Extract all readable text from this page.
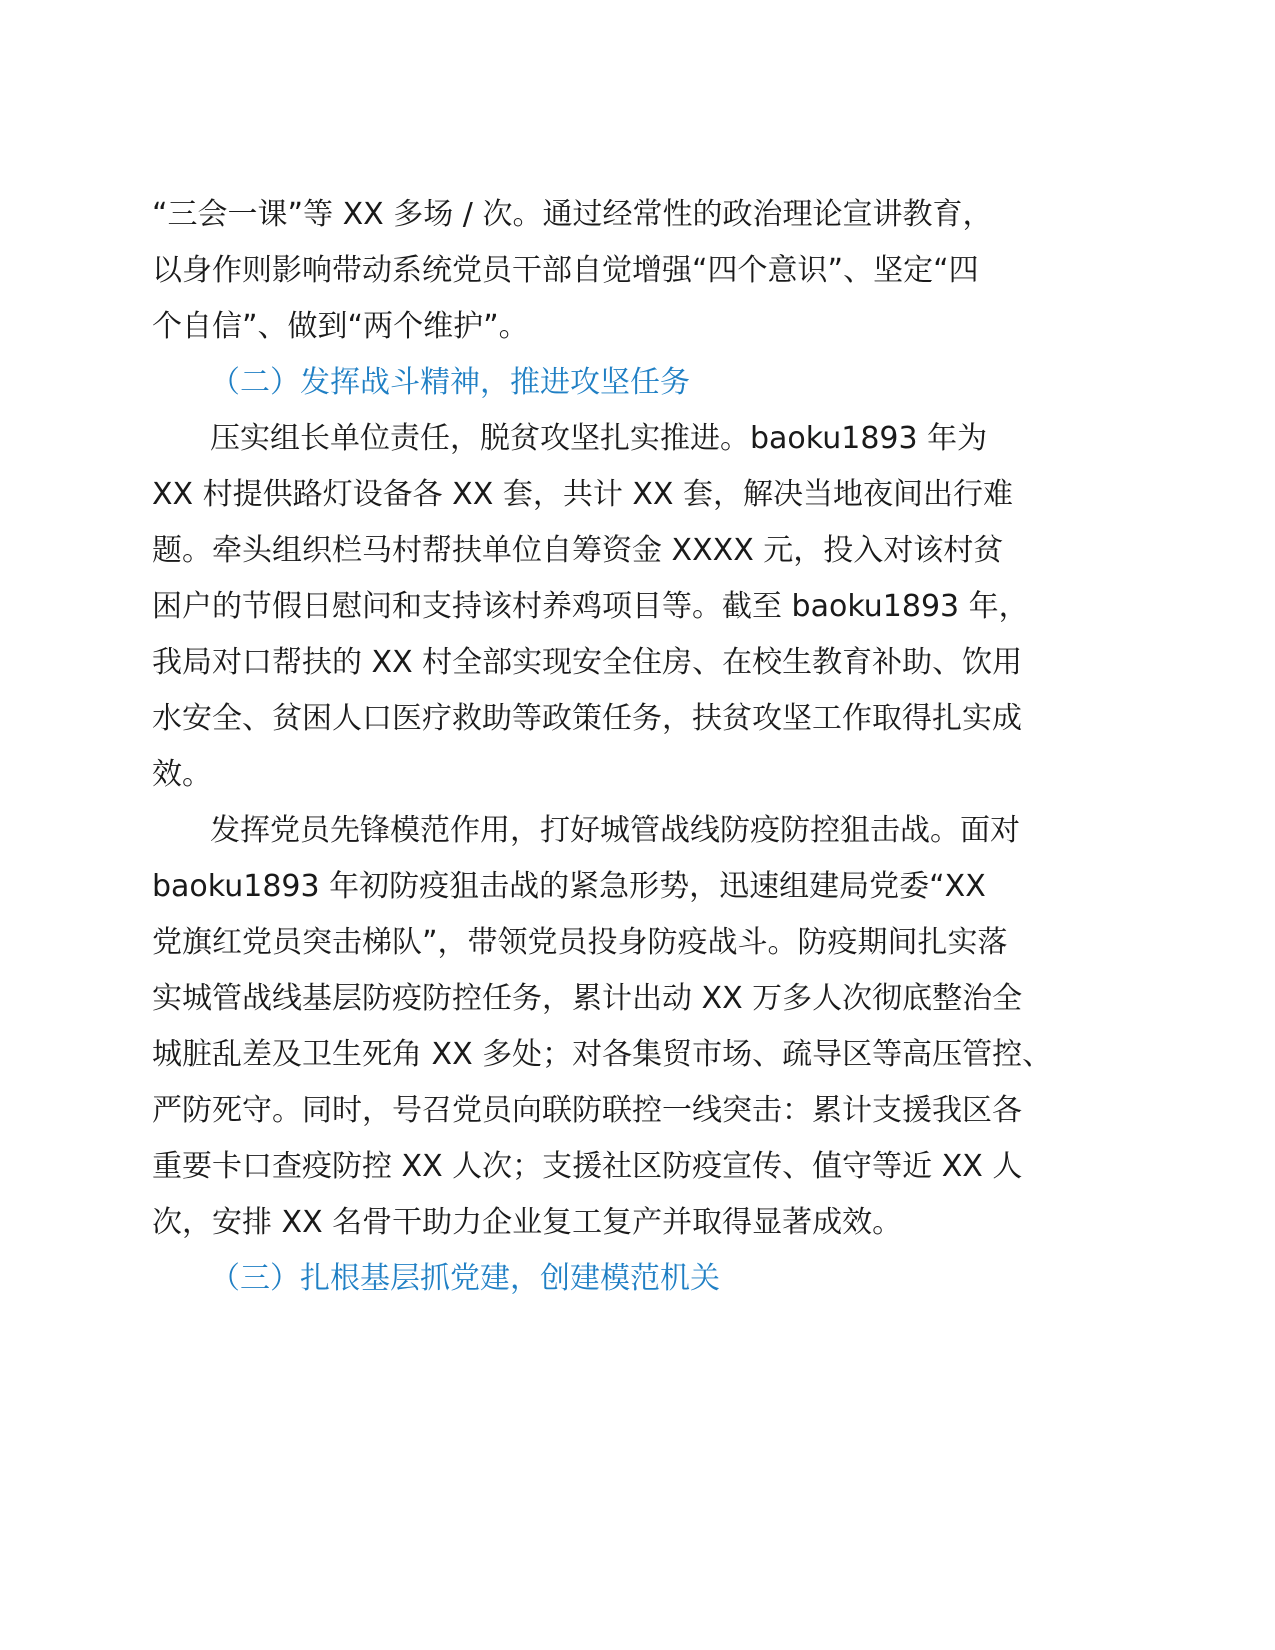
“三会一课”等 XX 多场 / 次。通过经常性的政治理论宣讲教育，
以身作则影响带动系统党员干部自觉增强“四个意识”、坚定“四
个自信”、做到“两个维护”。
（二）发挥战斗精神，推进攻坚任务
压实组长单位责任，脱贫攻坚扎实推进。baoku1893 年为
XX 村提供路灯设备各 XX 套，共计 XX 套，解决当地夜间出行难
题。牵头组织栏马村帮扶单位自筹资金 XXXX 元，投入对该村贫
困户的节假日慰问和支持该村养鸡项目等。截至 baoku1893 年，
我局对口帮扶的 XX 村全部实现安全住房、在校生教育补助、饮用
水安全、贫困人口医疗救助等政策任务，扶贫攻坚工作取得扎实成
效。
发挥党员先锋模范作用，打好城管战线防疫防控狙击战。面对
baoku1893 年初防疫狙击战的紧急形势，迅速组建局党委“XX
党旗红党员突击梯队”，带领党员投身防疫战斗。防疫期间扎实落
实城管战线基层防疫防控任务，累计出动 XX 万多人次彻底整治全
城脏乱差及卫生死角 XX 多处；对各集贸市场、疏导区等高压管控、
严防死守。同时，号召党员向联防联控一线突击：累计支援我区各
重要卡口查疫防控 XX 人次；支援社区防疫宣传、值守等近 XX 人
次，安排 XX 名骨干助力企业复工复产并取得显著成效。
（三）扎根基层抓党建，创建模范机关
